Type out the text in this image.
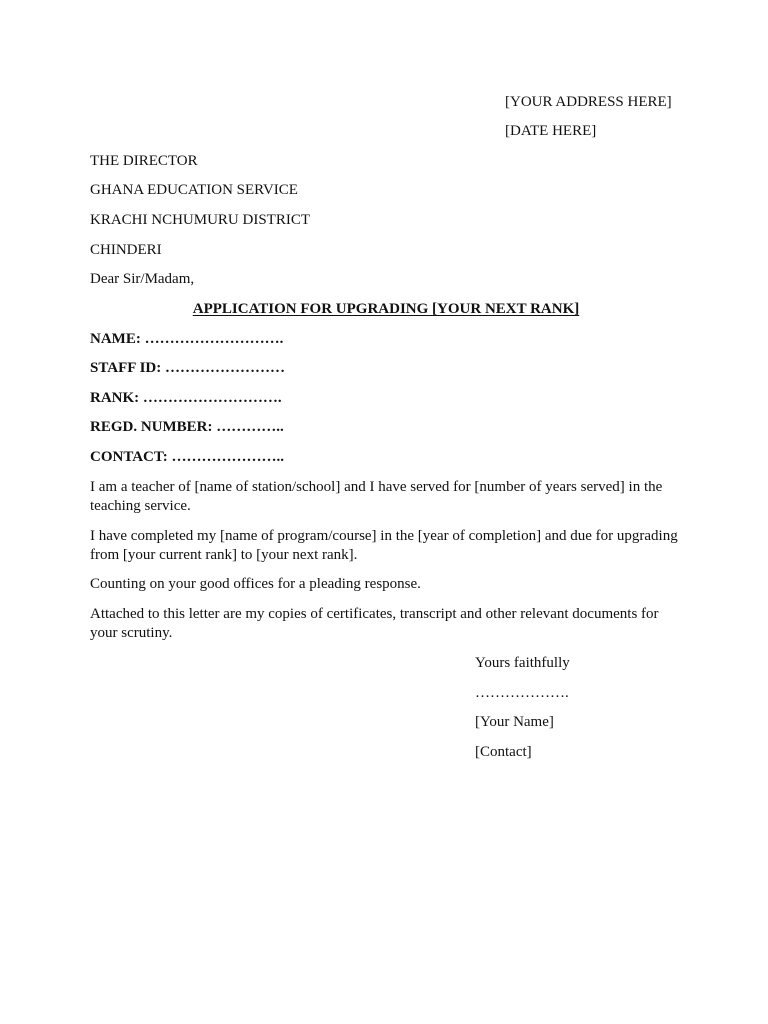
[YOUR ADDRESS HERE]
[DATE HERE]
THE DIRECTOR
GHANA EDUCATION SERVICE
KRACHI NCHUMURU DISTRICT
CHINDERI
Dear Sir/Madam,
APPLICATION FOR UPGRADING [YOUR NEXT RANK]
NAME: ……………………….
STAFF ID: ……………………
RANK: ……………………….
REGD. NUMBER: …………..
CONTACT: …………………..
I am a teacher of [name of station/school] and I have served for [number of years served] in the teaching service.
I have completed my [name of program/course] in the [year of completion] and due for upgrading from [your current rank] to [your next rank].
Counting on your good offices for a pleading response.
Attached to this letter are my copies of certificates, transcript and other relevant documents for your scrutiny.
Yours faithfully
……………….
[Your Name]
[Contact]
